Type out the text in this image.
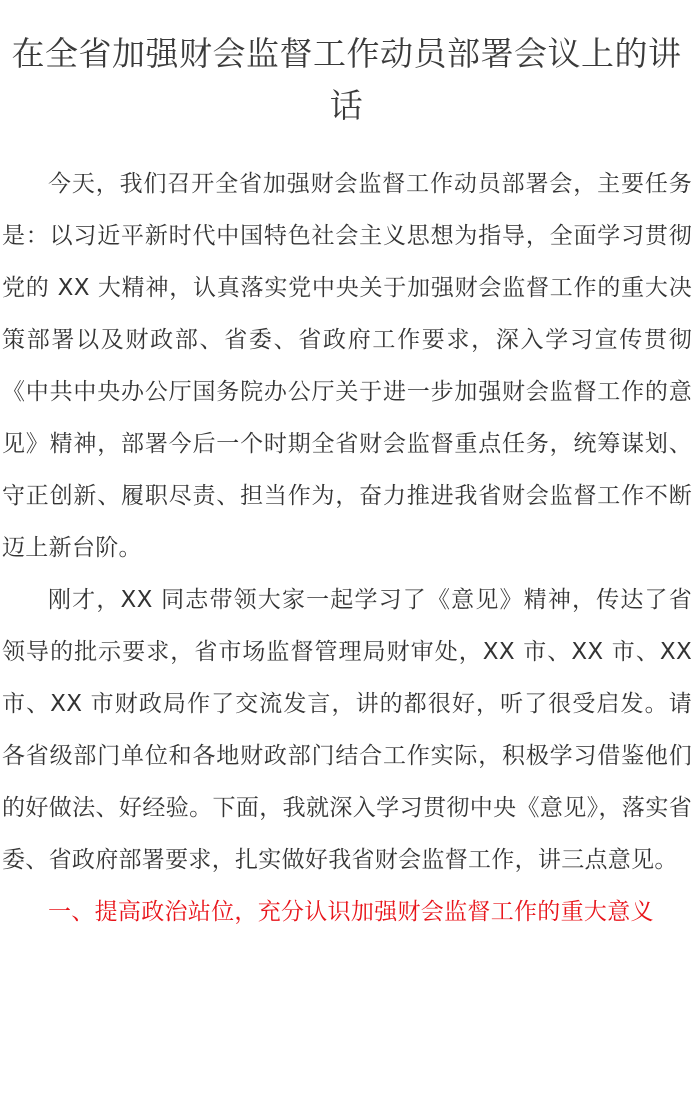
在全省加强财会监督工作动员部署会议上的讲话

今天，我们召开全省加强财会监督工作动员部署会，主要任务是：以习近平新时代中国特色社会主义思想为指导，全面学习贯彻党的 XX 大精神，认真落实党中央关于加强财会监督工作的重大决策部署以及财政部、省委、省政府工作要求，深入学习宣传贯彻《中共中央办公厅国务院办公厅关于进一步加强财会监督工作的意见》精神，部署今后一个时期全省财会监督重点任务，统筹谋划、守正创新、履职尽责、担当作为，奋力推进我省财会监督工作不断迈上新台阶。

刚才，XX 同志带领大家一起学习了《意见》精神，传达了省领导的批示要求，省市场监督管理局财审处，XX 市、XX 市、XX 市、XX 市财政局作了交流发言，讲的都很好，听了很受启发。请各省级部门单位和各地财政部门结合工作实际，积极学习借鉴他们的好做法、好经验。下面，我就深入学习贯彻中央《意见》，落实省委、省政府部署要求，扎实做好我省财会监督工作，讲三点意见。

一、提高政治站位，充分认识加强财会监督工作的重大意义
